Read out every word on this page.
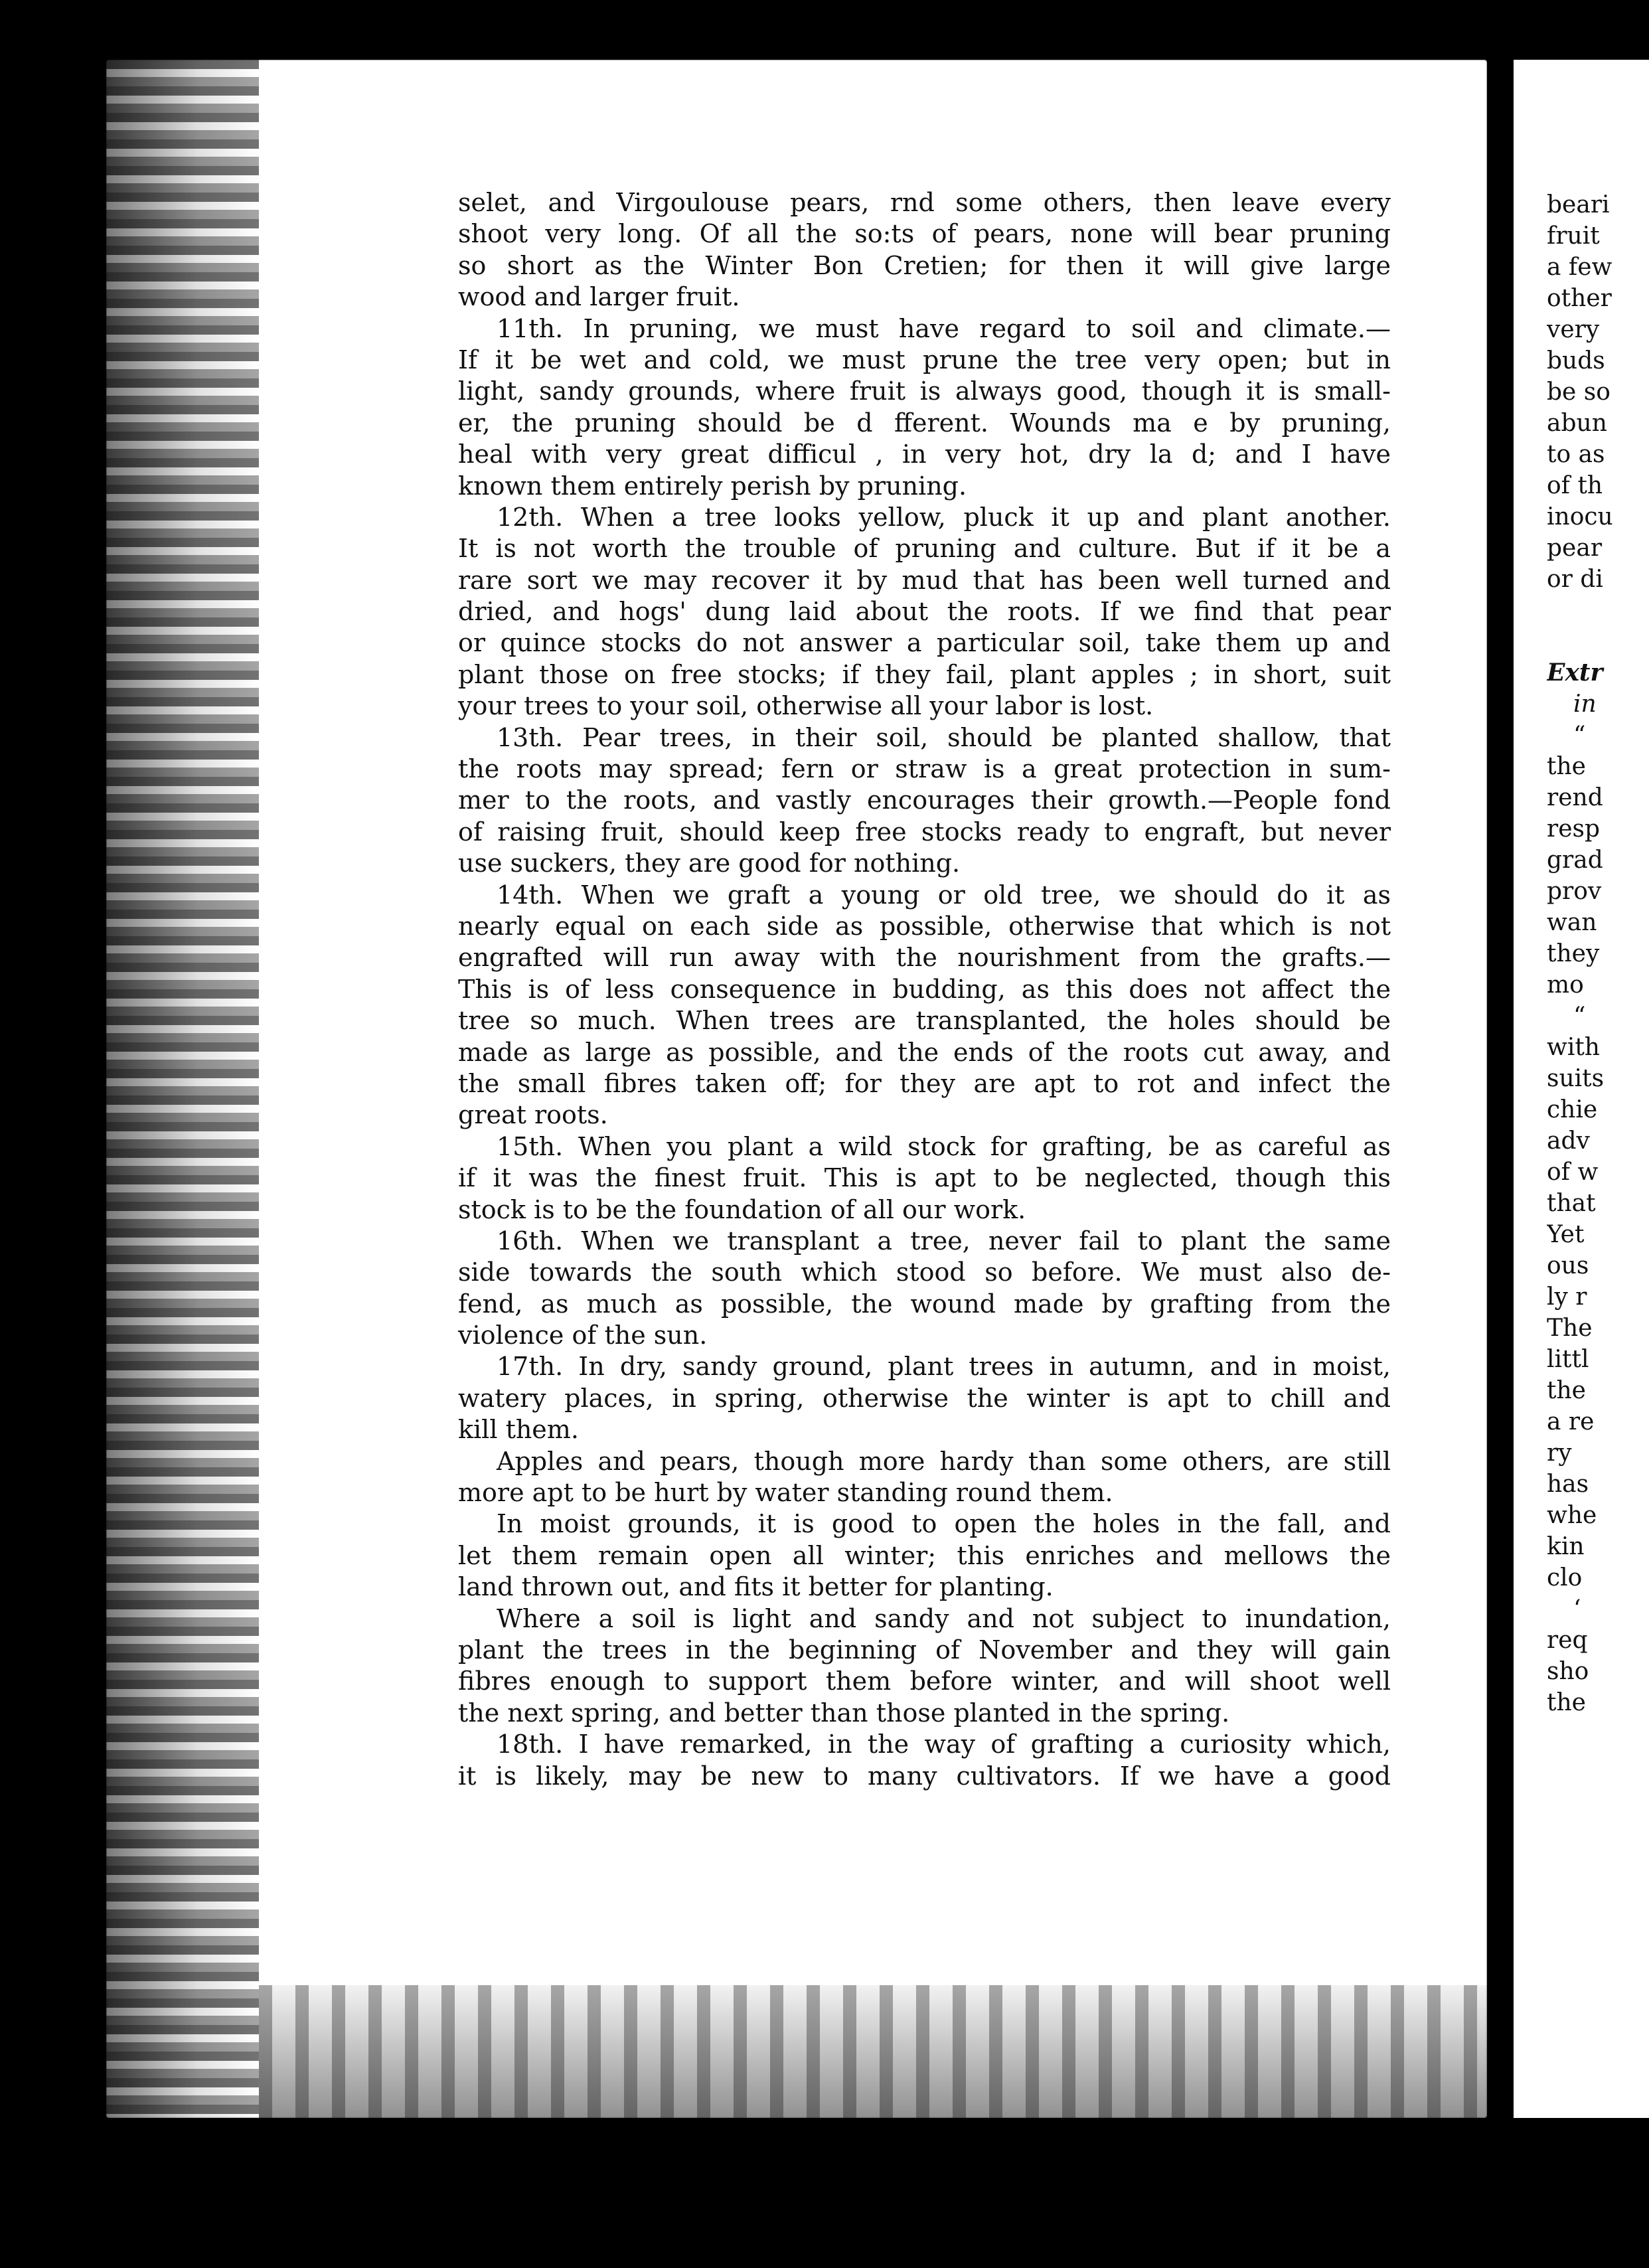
selet, and Virgoulouse pears, rnd some others, then leave every
shoot very long. Of all the so:ts of pears, none will bear pruning
so short as the Winter Bon Cretien; for then it will give large
wood and larger fruit.
11th. In pruning, we must have regard to soil and climate.—
If it be wet and cold, we must prune the tree very open; but in
light, sandy grounds, where fruit is always good, though it is small-
er, the pruning should be d fferent. Wounds ma e by pruning,
heal with very great difficul , in very hot, dry la d; and I have
known them entirely perish by pruning.
12th. When a tree looks yellow, pluck it up and plant another.
It is not worth the trouble of pruning and culture. But if it be a
rare sort we may recover it by mud that has been well turned and
dried, and hogs' dung laid about the roots. If we find that pear
or quince stocks do not answer a particular soil, take them up and
plant those on free stocks; if they fail, plant apples ; in short, suit
your trees to your soil, otherwise all your labor is lost.
13th. Pear trees, in their soil, should be planted shallow, that
the roots may spread; fern or straw is a great protection in sum-
mer to the roots, and vastly encourages their growth.—People fond
of raising fruit, should keep free stocks ready to engraft, but never
use suckers, they are good for nothing.
14th. When we graft a young or old tree, we should do it as
nearly equal on each side as possible, otherwise that which is not
engrafted will run away with the nourishment from the grafts.—
This is of less consequence in budding, as this does not affect the
tree so much. When trees are transplanted, the holes should be
made as large as possible, and the ends of the roots cut away, and
the small fibres taken off; for they are apt to rot and infect the
great roots.
15th. When you plant a wild stock for grafting, be as careful as
if it was the finest fruit. This is apt to be neglected, though this
stock is to be the foundation of all our work.
16th. When we transplant a tree, never fail to plant the same
side towards the south which stood so before. We must also de-
fend, as much as possible, the wound made by grafting from the
violence of the sun.
17th. In dry, sandy ground, plant trees in autumn, and in moist,
watery places, in spring, otherwise the winter is apt to chill and
kill them.
Apples and pears, though more hardy than some others, are still
more apt to be hurt by water standing round them.
In moist grounds, it is good to open the holes in the fall, and
let them remain open all winter; this enriches and mellows the
land thrown out, and fits it better for planting.
Where a soil is light and sandy and not subject to inundation,
plant the trees in the beginning of November and they will gain
fibres enough to support them before winter, and will shoot well
the next spring, and better than those planted in the spring.
18th. I have remarked, in the way of grafting a curiosity which,
it is likely, may be new to many cultivators. If we have a good
beari
fruit
a few
other
very
buds
be so
abun
to as
of th
inocu
pear
or di
Extr
in
“
the
rend
resp
grad
prov
wan
they
mo
“
with
suits
chie
adv
of w
that
Yet
ous
ly r
The
littl
the
a re
ry
has
whe
kin
clo
‘
req
sho
the
